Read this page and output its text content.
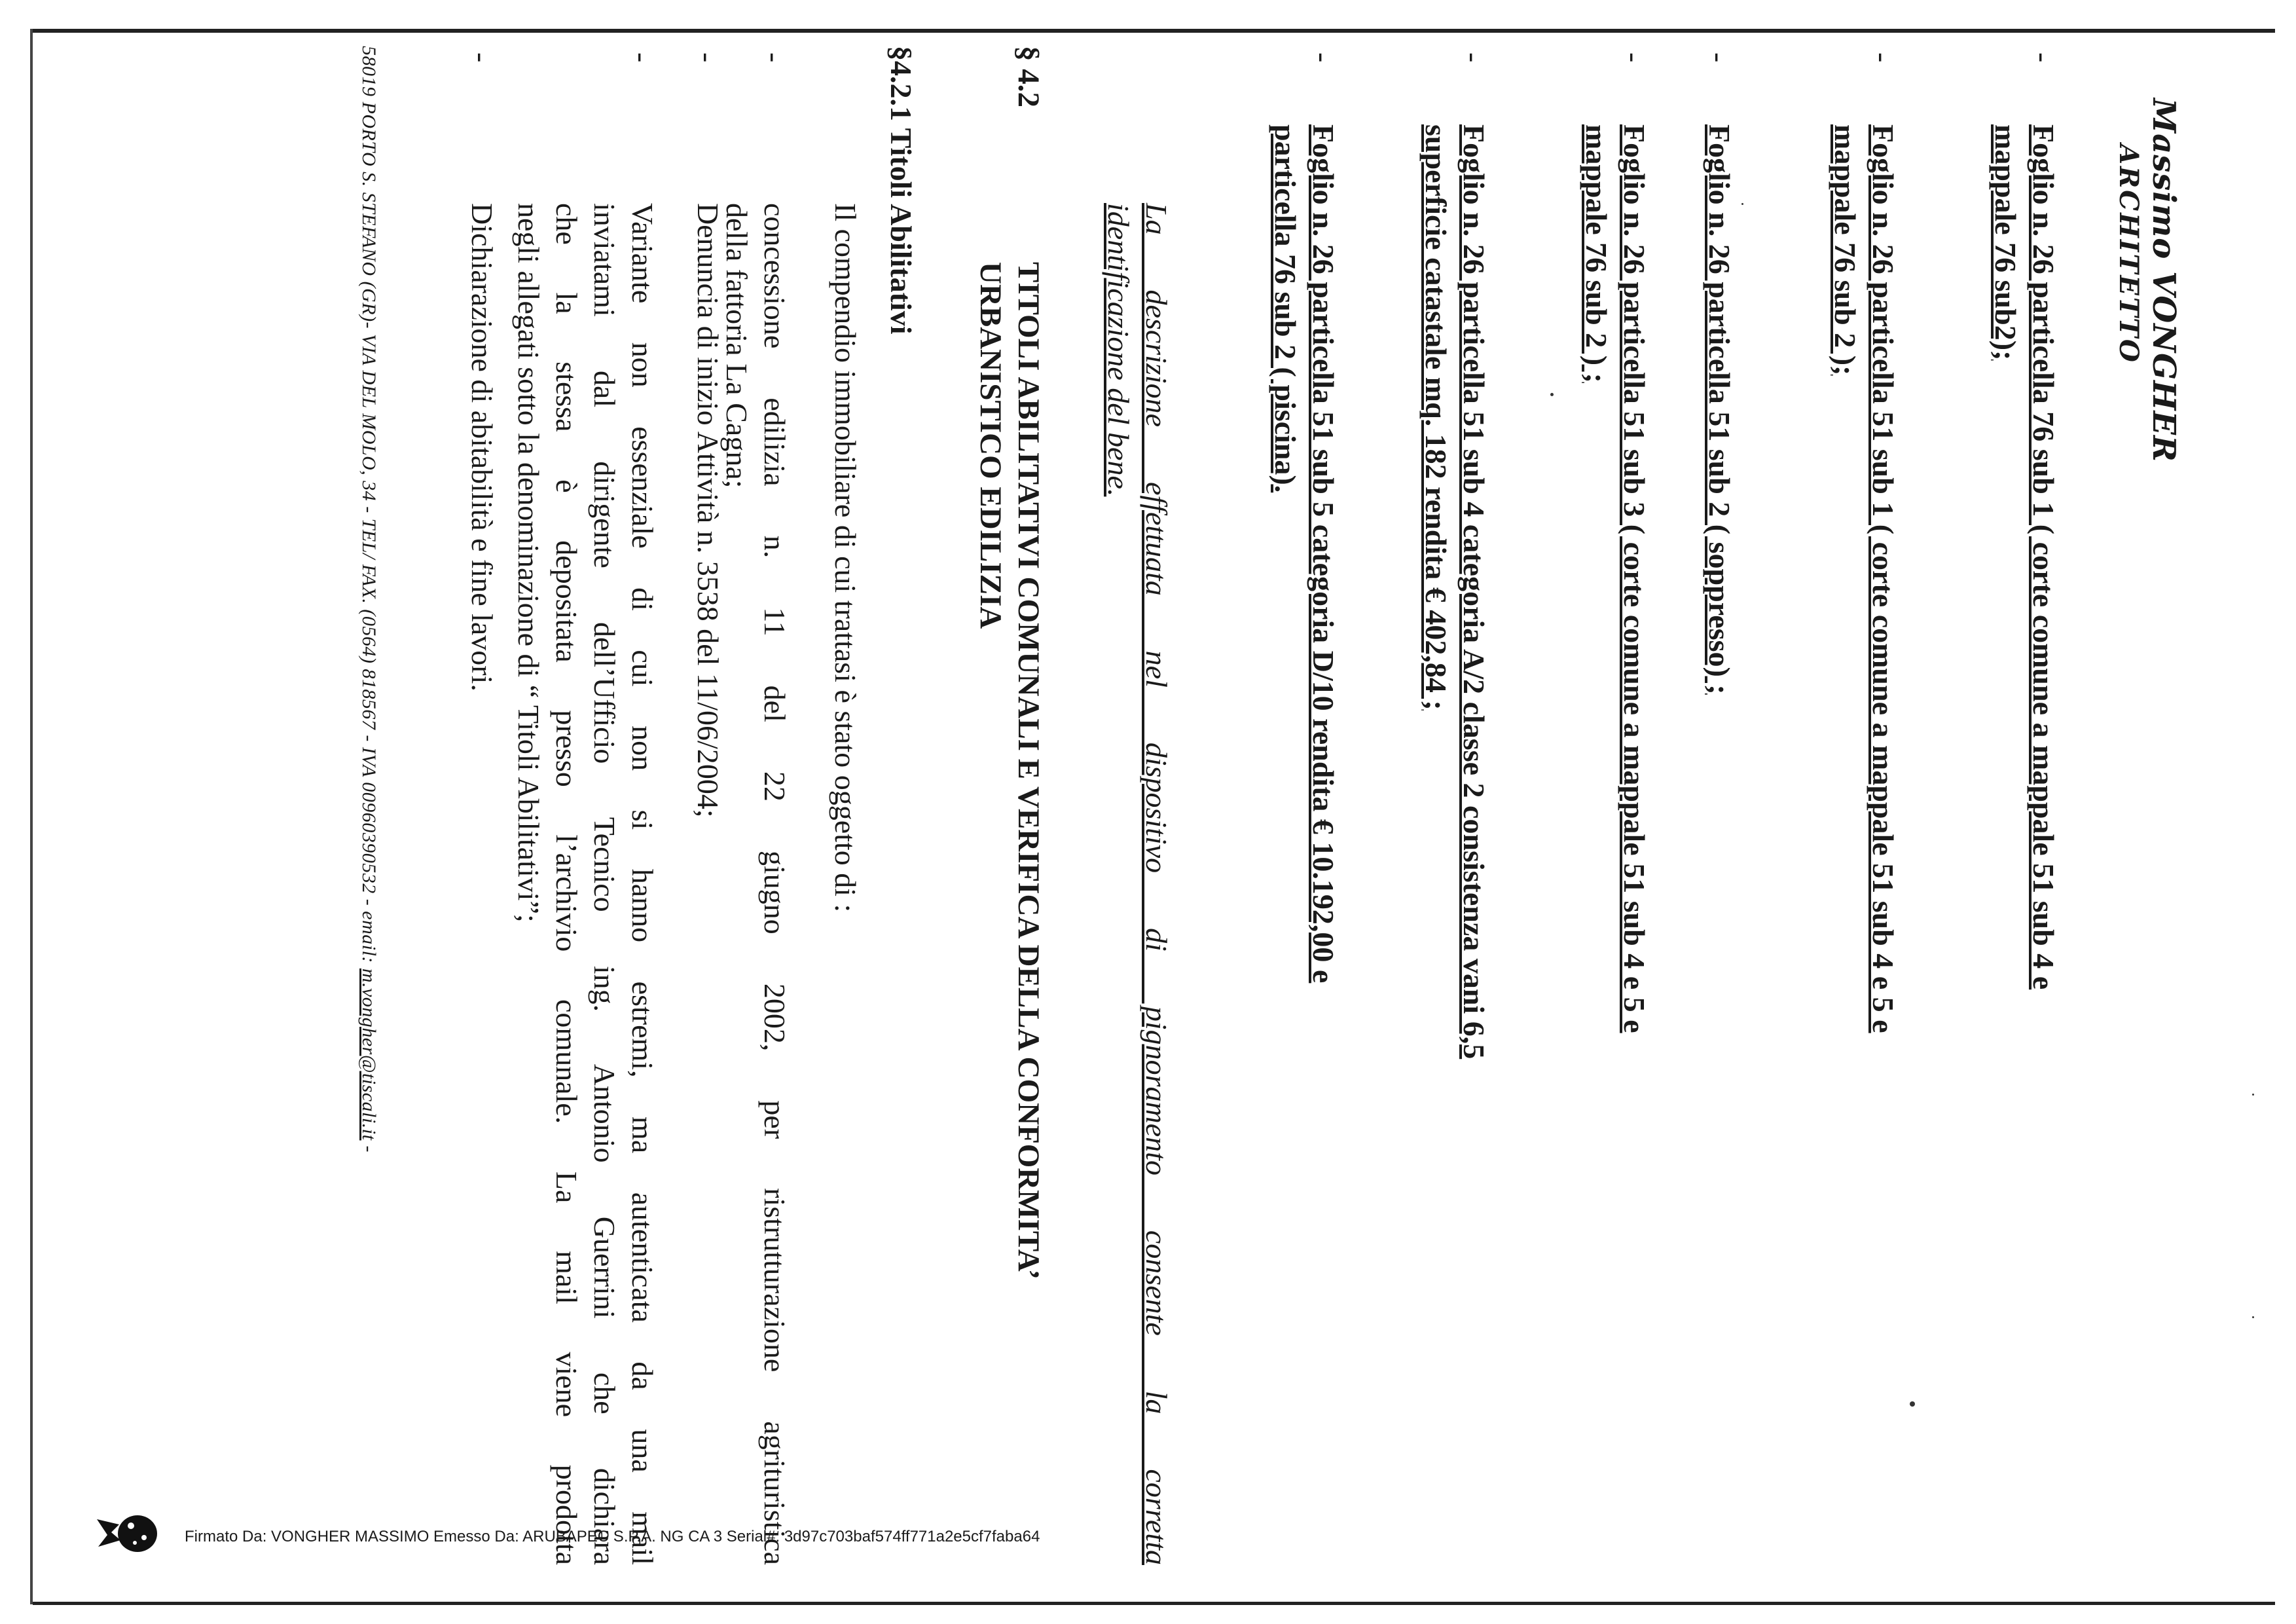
Massimo VONGHER
ARCHITETTO
-

Foglio n. 26 particella 76 sub 1 ( corte comune a mappale 51 sub 4 e

mappale 76 sub2);

-

Foglio n. 26 particella 51 sub 1 ( corte comune a mappale 51 sub 4 e 5 e

mappale 76 sub 2 );

-

Foglio n. 26 particella 51 sub 2 ( soppresso) ;

-

Foglio n. 26 particella 51 sub 3 ( corte comune a mappale 51 sub 4 e 5 e

mappale 76 sub 2 ) ;

-

Foglio n. 26 particella 51 sub 4 categoria A/2 classe 2 consistenza vani 6,5

superficie catastale mq. 182 rendita € 402,84 ;

-

Foglio n. 26 particella 51 sub 5 categoria D/10 rendita € 10.192,00 e

particella 76 sub 2 ( piscina).

La descrizione effettuata nel dispositivo di pignoramento consente la corretta

identificazione del bene.

§ 4.2
TITOLI ABILITATIVI COMUNALI E VERIFICA DELLA CONFORMITA’
URBANISTICO EDILIZIA
§4.2.1 Titoli Abilitativi
Il compendio immobiliare di cui trattasi è stato oggetto di :
-

concessione edilizia n. 11 del 22 giugno 2002, per ristrutturazione agrituristica

della fattoria La Cagna;

-

Denuncia di inizio Attività n. 3538 del 11/06/2004;

-

Variante non essenziale di cui non si hanno estremi, ma autenticata da una mail

inviatami dal dirigente dell’Ufficio Tecnico ing. Antonio Guerrini che dichiara

che la stessa è depositata presso l’archivio comunale. La mail viene prodotta

negli allegati sotto la denominazione di “ Titoli Abilitativi”;

-

Dichiarazione di abitabilità e fine lavori.

58019 PORTO S. STEFANO (GR)- VIA DEL MOLO, 34 - TEL/ FAX. (0564) 818567 - IVA 00960390532 - email: m.vongher@tiscali.it -
Firmato Da: VONGHER MASSIMO Emesso Da: ARUBAPEC S.P.A. NG CA 3 Serial#: 3d97c703baf574ff771a2e5cf7faba64
